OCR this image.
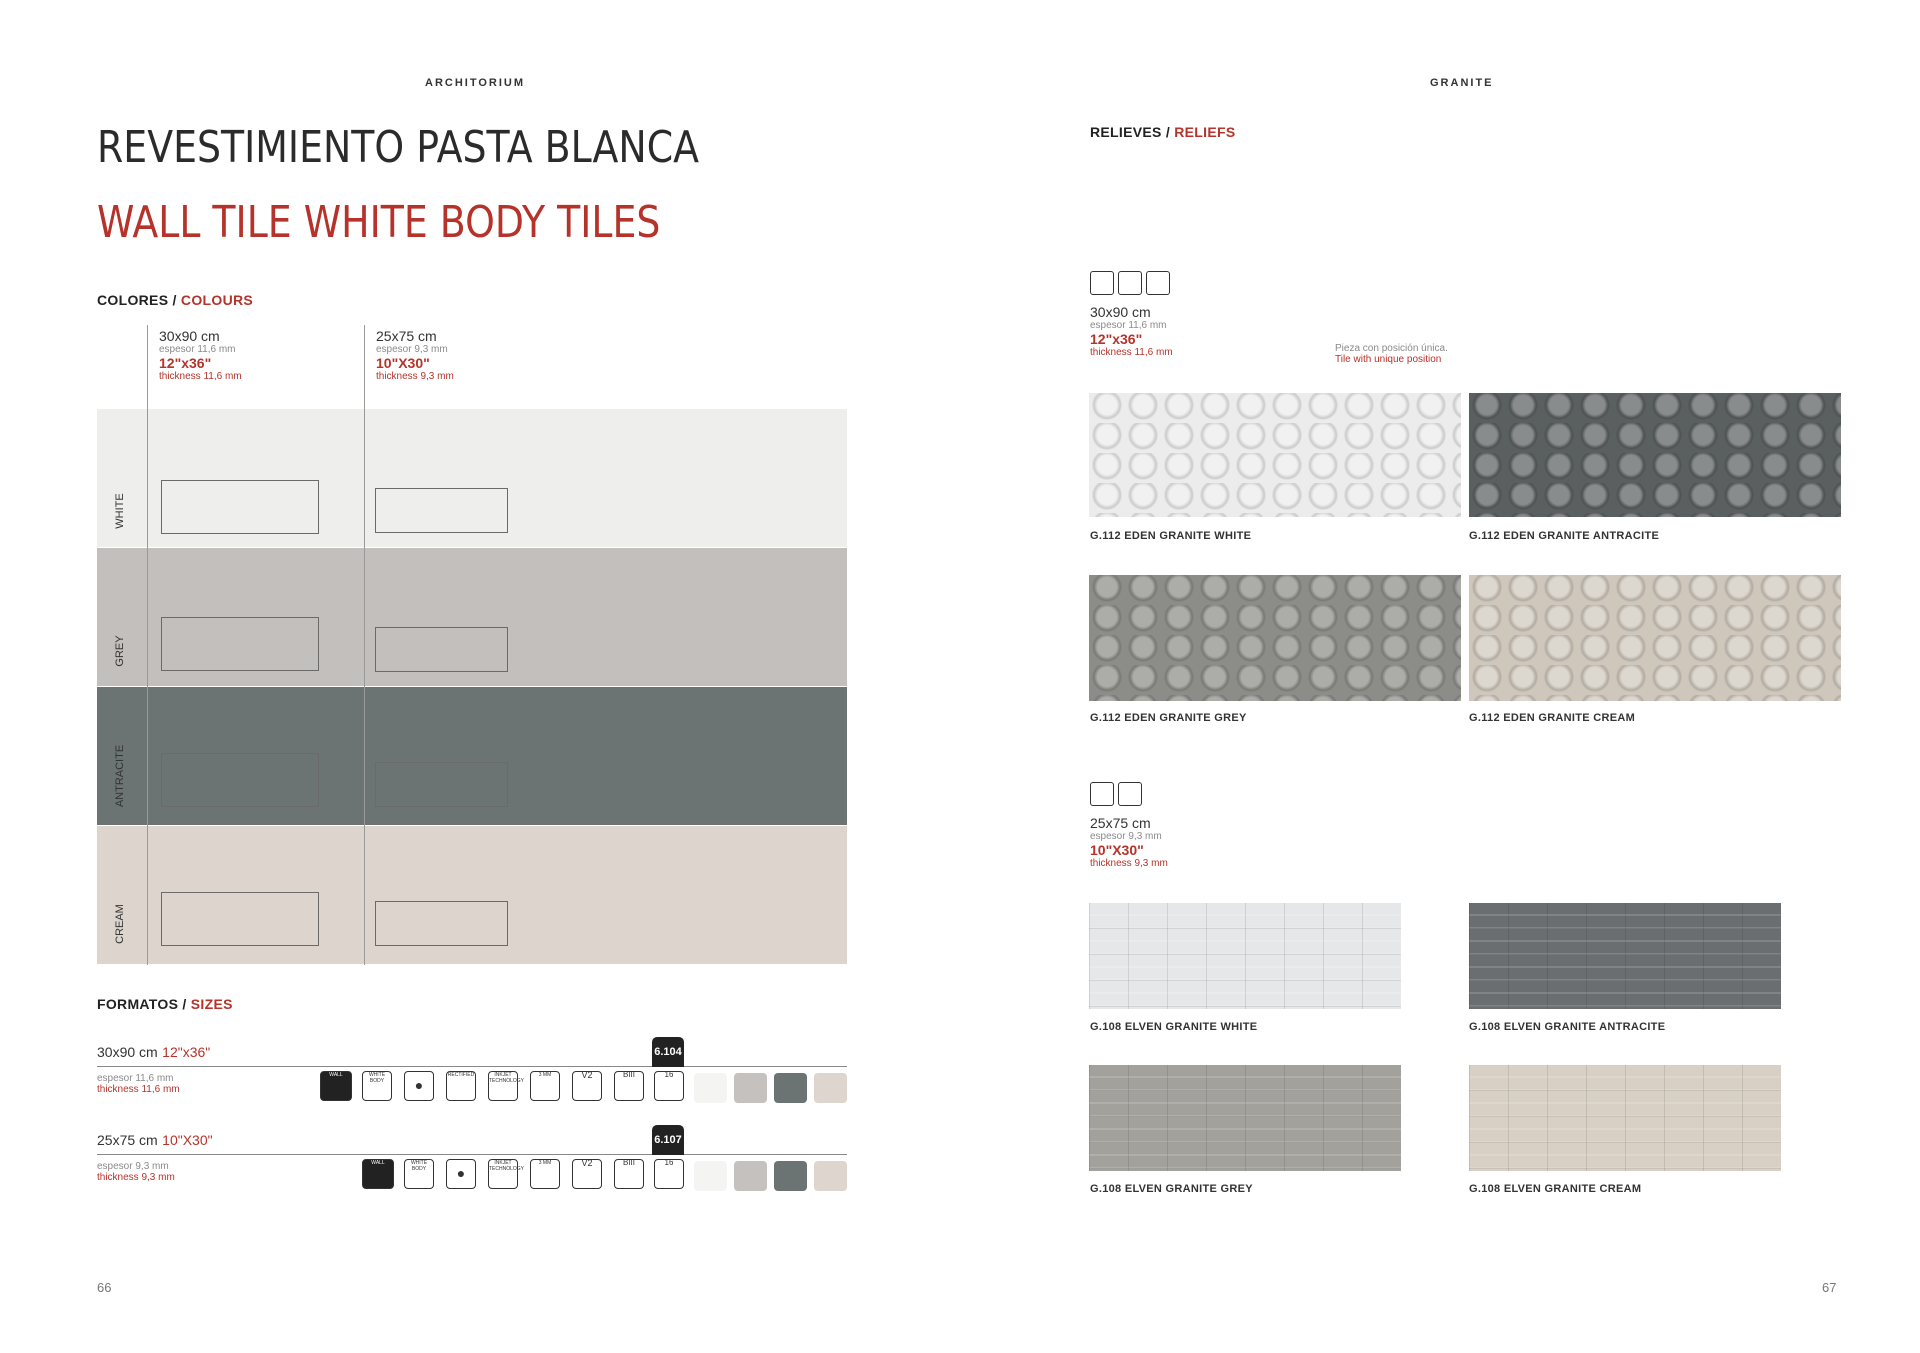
ARCHITORIUM
REVESTIMIENTO PASTA BLANCA
WALL TILE WHITE BODY TILES
COLORES / COLOURS
30x90 cm
espesor 11,6 mm
12"x36"
thickness 11,6 mm
25x75 cm
espesor 9,3 mm
10"X30"
thickness 9,3 mm
WHITE
GREY
ANTRACITE
CREAM
FORMATOS / SIZES
30x90 cm 12"x36"
espesor 11,6 mm
thickness 11,6 mm
6.104
WALL	WHITE BODY	●
RECTIFIED	INKJET TECHNOLOGY
3 MM	V2	BIII	16
25x75 cm 10"X30"
espesor 9,3 mm
thickness 9,3 mm
6.107
WALL	WHITE BODY	●
INKJET TECHNOLOGY
3 MM	V2	BIII	16
66
GRANITE
RELIEVES / RELIEFS
30x90 cm
espesor 11,6 mm
12"x36"
thickness 11,6 mm	Pieza con posición única.
Tile with unique position
G.112 EDEN GRANITE WHITE	G.112 EDEN GRANITE ANTRACITE
G.112 EDEN GRANITE GREY	G.112 EDEN GRANITE CREAM
25x75 cm
espesor 9,3 mm
10"X30"
thickness 9,3 mm
G.108 ELVEN GRANITE WHITE	G.108 ELVEN GRANITE ANTRACITE
G.108 ELVEN GRANITE GREY	G.108 ELVEN GRANITE CREAM
67
